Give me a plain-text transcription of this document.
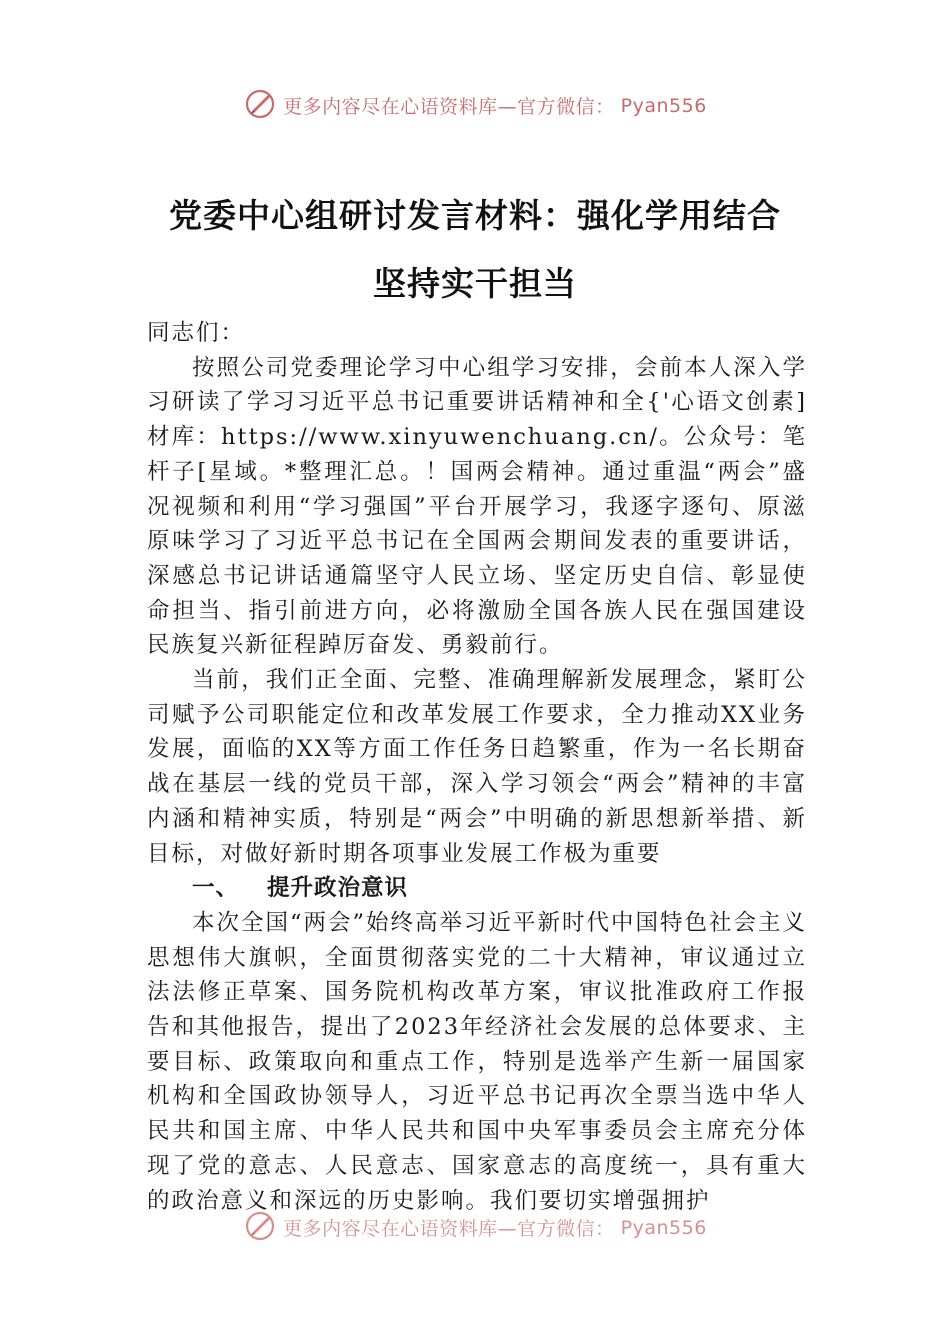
更多内容尽在心语资料库—官方微信： Pyan556
党委中心组研讨发言材料：强化学用结合
坚持实干担当

同志们：

按照公司党委理论学习中心组学习安排，会前本人深入学习研读了学习习近平总书记重要讲话精神和全{'心语文创素]材库：https://www.xinyuwenchuang.cn/。公众号：笔杆子[星域。*整理汇总。！国两会精神。通过重温“两会”盛况视频和利用“学习强国”平台开展学习，我逐字逐句、原滋原味学习了习近平总书记在全国两会期间发表的重要讲话，深感总书记讲话通篇坚守人民立场、坚定历史自信、彰显使命担当、指引前进方向，必将激励全国各族人民在强国建设民族复兴新征程踔厉奋发、勇毅前行。

当前，我们正全面、完整、准确理解新发展理念，紧盯公司赋予公司职能定位和改革发展工作要求，全力推动XX业务发展，面临的XX等方面工作任务日趋繁重，作为一名长期奋战在基层一线的党员干部，深入学习领会“两会”精神的丰富内涵和精神实质，特别是“两会”中明确的新思想新举措、新目标，对做好新时期各项事业发展工作极为重要

一、 提升政治意识

本次全国“两会”始终高举习近平新时代中国特色社会主义思想伟大旗帜，全面贯彻落实党的二十大精神，审议通过立法法修正草案、国务院机构改革方案，审议批准政府工作报告和其他报告，提出了2023年经济社会发展的总体要求、主要目标、政策取向和重点工作，特别是选举产生新一届国家机构和全国政协领导人，习近平总书记再次全票当选中华人民共和国主席、中华人民共和国中央军事委员会主席充分体现了党的意志、人民意志、国家意志的高度统一，具有重大的政治意义和深远的历史影响。我们要切实增强拥护

更多内容尽在心语资料库—官方微信： Pyan556
